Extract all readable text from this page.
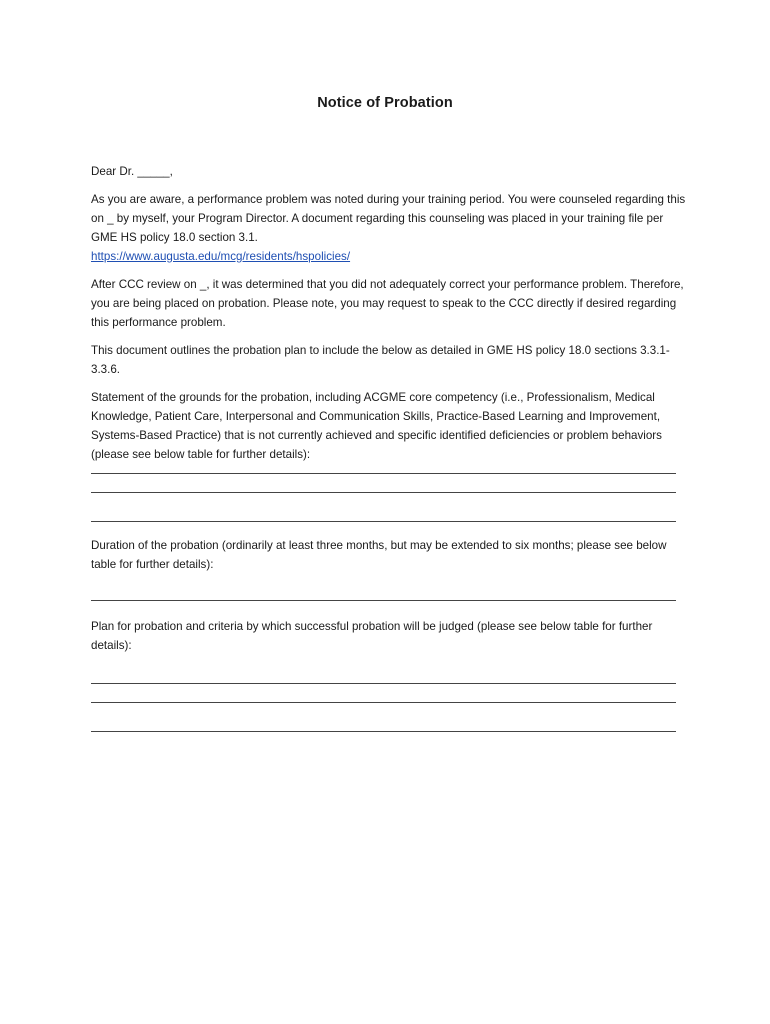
Notice of Probation

Dear Dr. _____,

As you are aware, a performance problem was noted during your training period. You were counseled regarding this on _ by myself, your Program Director. A document regarding this counseling was placed in your training file per GME HS policy 18.0 section 3.1.

https://www.augusta.edu/mcg/residents/hspolicies/

After CCC review on _, it was determined that you did not adequately correct your performance problem. Therefore, you are being placed on probation. Please note, you may request to speak to the CCC directly if desired regarding this performance problem.

This document outlines the probation plan to include the below as detailed in GME HS policy 18.0 sections 3.3.1-3.3.6.

Statement of the grounds for the probation, including ACGME core competency (i.e., Professionalism, Medical Knowledge, Patient Care, Interpersonal and Communication Skills, Practice-Based Learning and Improvement, Systems-Based Practice) that is not currently achieved and specific identified deficiencies or problem behaviors (please see below table for further details):

Duration of the probation (ordinarily at least three months, but may be extended to six months; please see below table for further details):

Plan for probation and criteria by which successful probation will be judged (please see below table for further details):
